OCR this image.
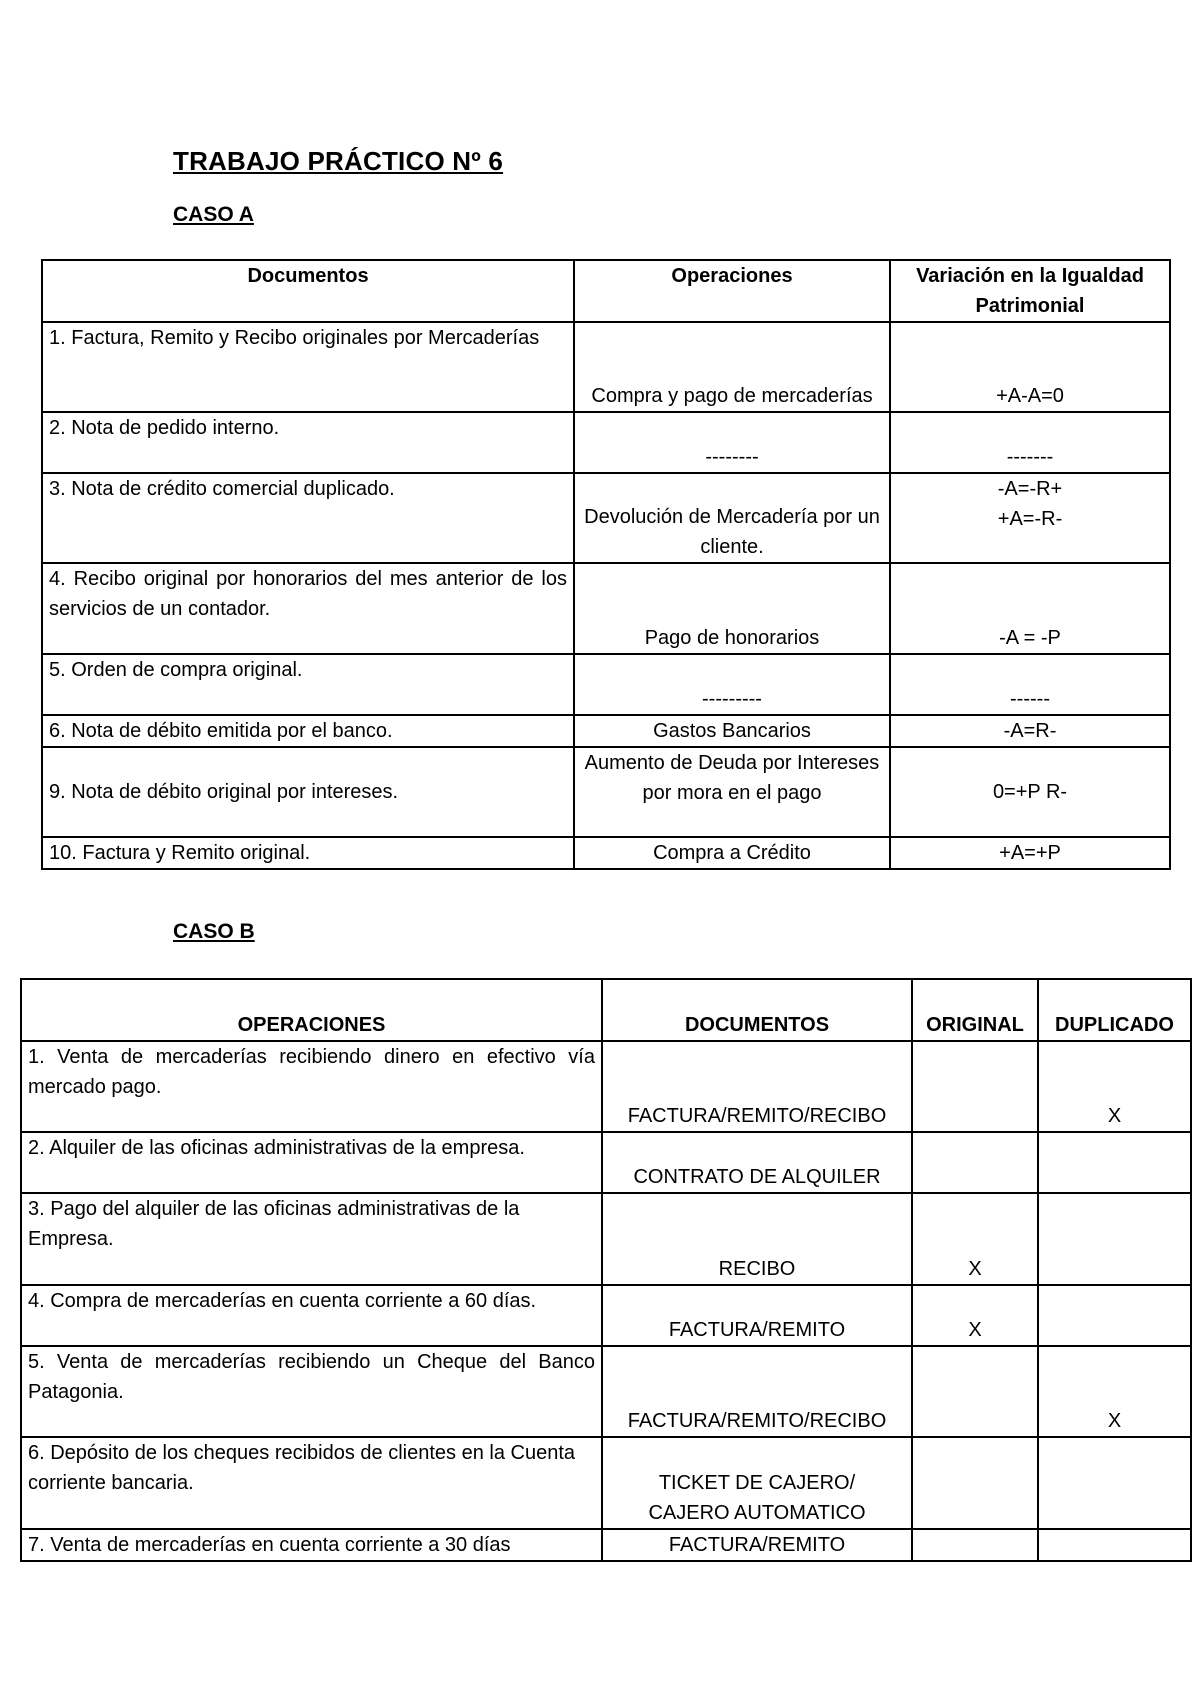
TRABAJO PRÁCTICO Nº 6
CASO A
Documentos	Operaciones	Variación en la Igualdad Patrimonial
1. Factura, Remito y Recibo originales por Mercaderías	Compra y pago de mercaderías	+A-A=0
2. Nota de pedido interno.	--------	-------
3. Nota de crédito comercial duplicado.	Devolución de Mercadería por un cliente.	-A=-R+
+A=-R-

4. Recibo original por honorarios del mes anterior de los servicios de un contador.	Pago de honorarios	-A = -P
5. Orden de compra original.	---------	------
6. Nota de débito emitida por el banco.	Gastos Bancarios	-A=R-
9. Nota de débito original por intereses.	Aumento de Deuda por Intereses por mora en el pago	0=+P R-
10. Factura y Remito original.	Compra a Crédito	+A=+P
CASO B
OPERACIONES	DOCUMENTOS	ORIGINAL	DUPLICADO
1. Venta de mercaderías recibiendo dinero en efectivo vía mercado pago.	FACTURA/REMITO/RECIBO		X
2. Alquiler de las oficinas administrativas de la empresa.	CONTRATO DE ALQUILER		
3. Pago del alquiler de las oficinas administrativas de la Empresa.	RECIBO	X	
4. Compra de mercaderías en cuenta corriente a 60 días.	FACTURA/REMITO	X	
5. Venta de mercaderías recibiendo un Cheque del Banco Patagonia.	FACTURA/REMITO/RECIBO		X
6. Depósito de los cheques recibidos de clientes en la Cuenta corriente bancaria.	TICKET DE CAJERO/
CAJERO AUTOMATICO		

7. Venta de mercaderías en cuenta corriente a 30 días	FACTURA/REMITO		
